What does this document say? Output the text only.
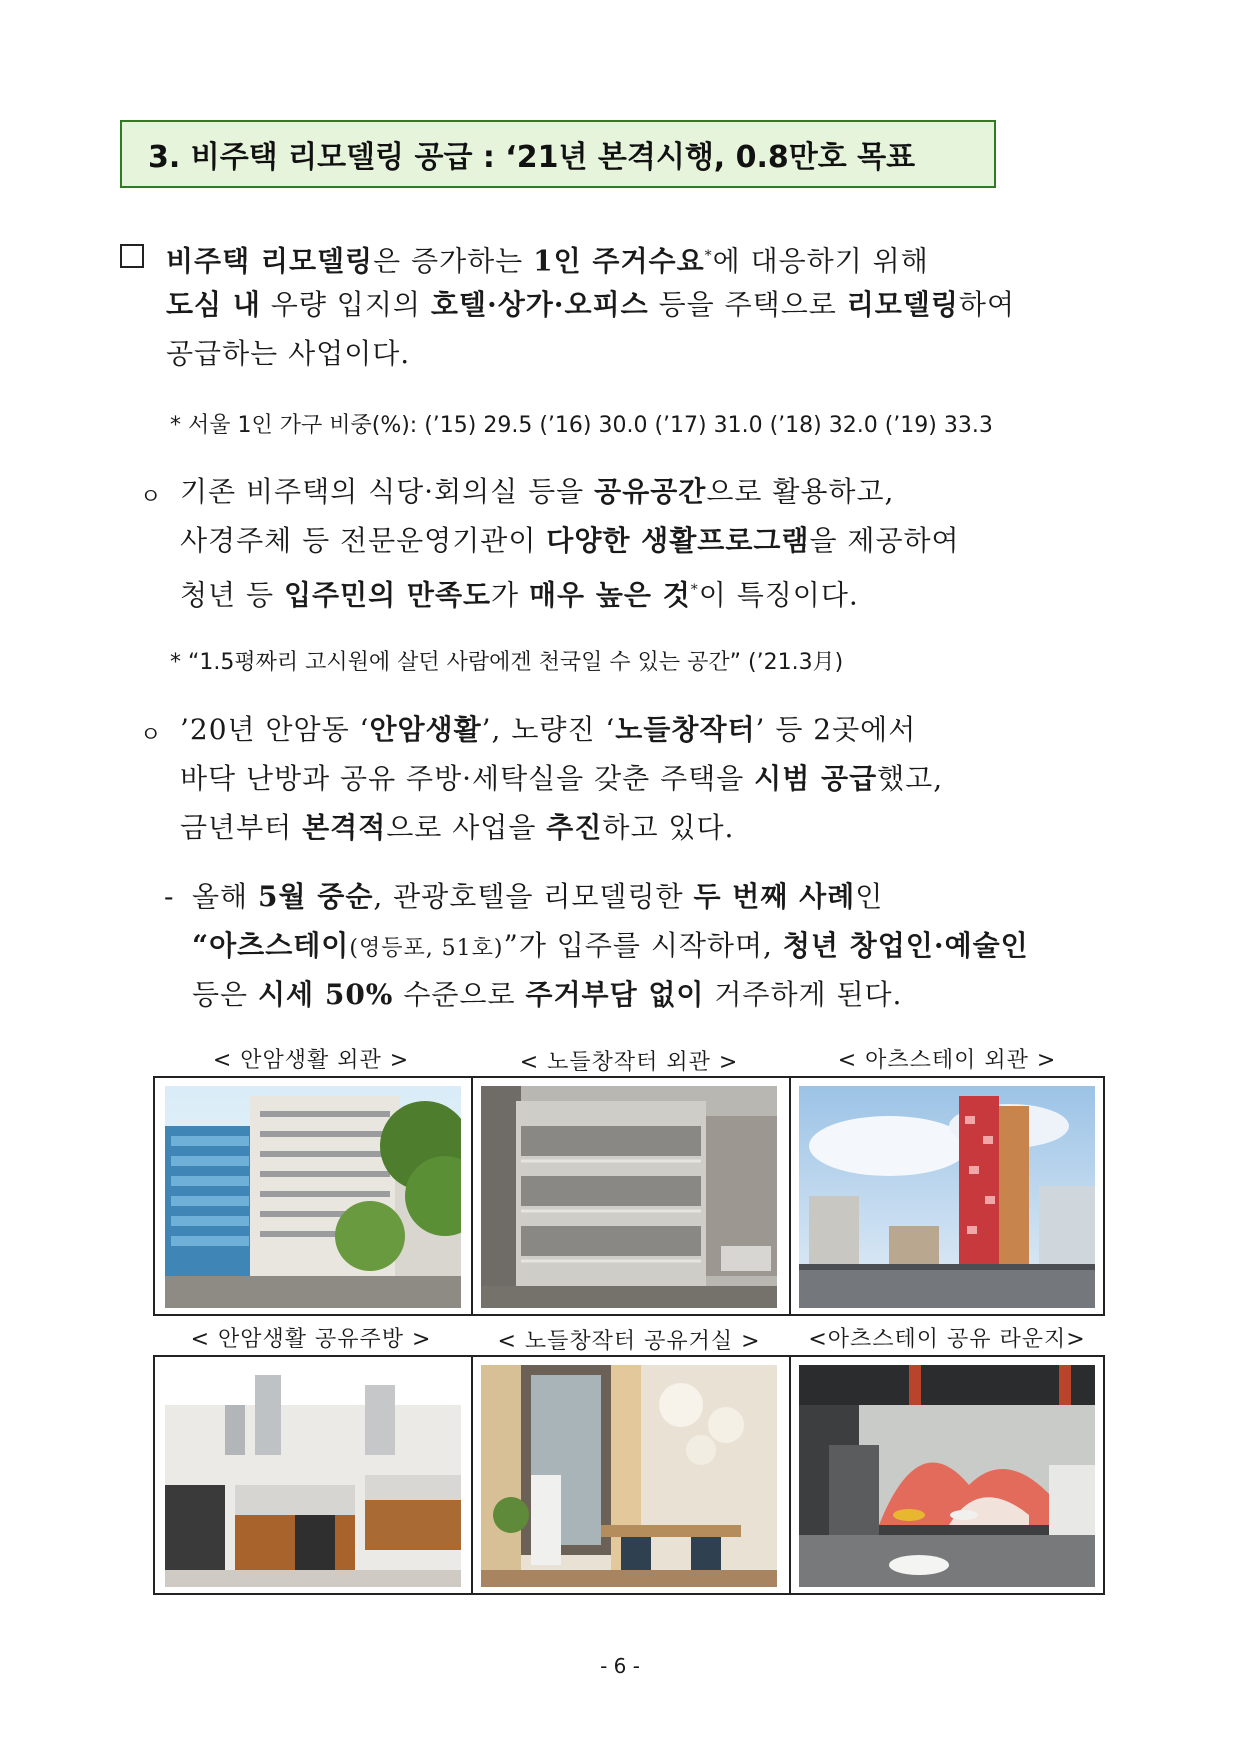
3. 비주택 리모델링 공급 : ‘21년 본격시행, 0.8만호 목표
비주택 리모델링은 증가하는 1인 주거수요*에 대응하기 위해
도심 내 우량 입지의 호텔·상가·오피스 등을 주택으로 리모델링하여
공급하는 사업이다.
* 서울 1인 가구 비중(%): (’15) 29.5 (’16) 30.0 (’17) 31.0 (’18) 32.0 (’19) 33.3
ㅇ 기존 비주택의 식당·회의실 등을 공유공간으로 활용하고,
사경주체 등 전문운영기관이 다양한 생활프로그램을 제공하여
청년 등 입주민의 만족도가 매우 높은 것*이 특징이다.
* “1.5평짜리 고시원에 살던 사람에겐 천국일 수 있는 공간” (’21.3月)
ㅇ ’20년 안암동 ‘안암생활’, 노량진 ‘노들창작터’ 등 2곳에서
바닥 난방과 공유 주방·세탁실을 갖춘 주택을 시범 공급했고,
금년부터 본격적으로 사업을 추진하고 있다.
- 올해 5월 중순, 관광호텔을 리모델링한 두 번째 사례인
“아츠스테이(영등포, 51호)”가 입주를 시작하며, 청년 창업인·예술인
등은 시세 50% 수준으로 주거부담 없이 거주하게 된다.
< 안암생활 외관 >	< 노들창작터 외관 >	< 아츠스테이 외관 >
< 안암생활 공유주방 >	< 노들창작터 공유거실 >	<아츠스테이 공유 라운지>
- 6 -
